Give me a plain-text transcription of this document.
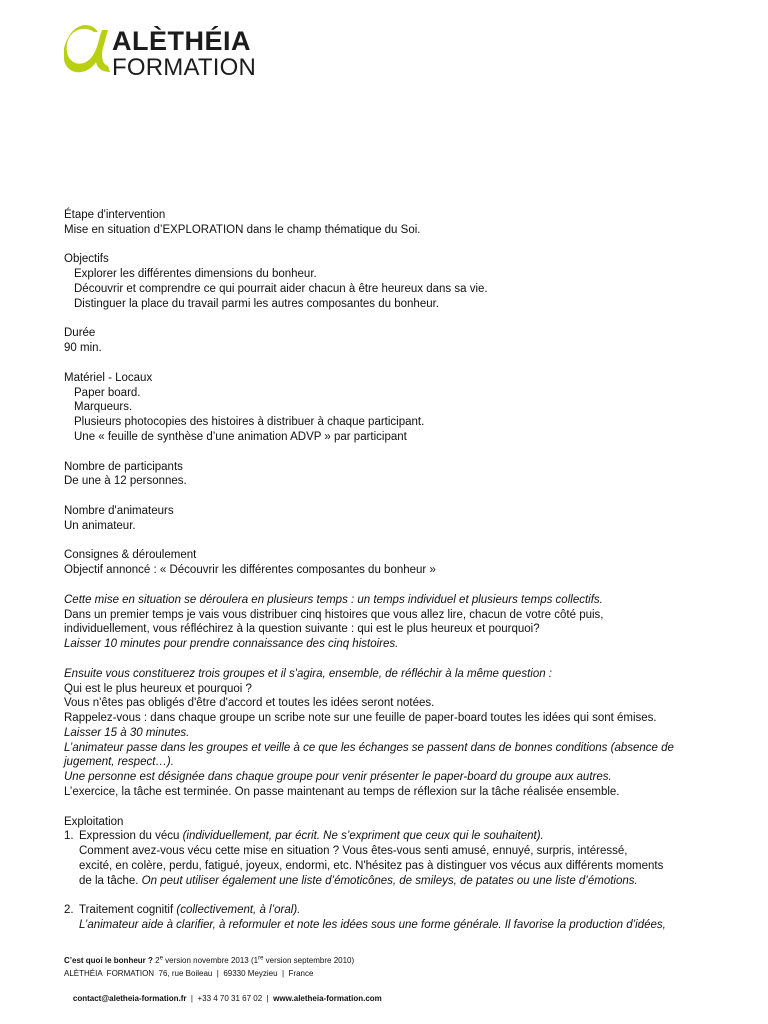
ALÈTHÉIA
FORMATION
Étape d'intervention
Mise en situation d’EXPLORATION dans le champ thématique du Soi.
Objectifs
Explorer les différentes dimensions du bonheur.
Découvrir et comprendre ce qui pourrait aider chacun à être heureux dans sa vie.
Distinguer la place du travail parmi les autres composantes du bonheur.
Durée
90 min.
Matériel - Locaux
Paper board.
Marqueurs.
Plusieurs photocopies des histoires à distribuer à chaque participant.
Une « feuille de synthèse d’une animation ADVP » par participant
Nombre de participants
De une à 12 personnes.
Nombre d'animateurs
Un animateur.
Consignes & déroulement
Objectif annoncé : « Découvrir les différentes composantes du bonheur »
Cette mise en situation se déroulera en plusieurs temps : un temps individuel et plusieurs temps collectifs.
Dans un premier temps je vais vous distribuer cinq histoires que vous allez lire, chacun de votre côté puis,
individuellement, vous réfléchirez à la question suivante : qui est le plus heureux et pourquoi?
Laisser 10 minutes pour prendre connaissance des cinq histoires.
Ensuite vous constituerez trois groupes et il s'agira, ensemble, de réfléchir à la même question :
Qui est le plus heureux et pourquoi ?
Vous n'êtes pas obligés d'être d'accord et toutes les idées seront notées.
Rappelez-vous : dans chaque groupe un scribe note sur une feuille de paper-board toutes les idées qui sont émises.
Laisser 15 à 30 minutes.
L’animateur passe dans les groupes et veille à ce que les échanges se passent dans de bonnes conditions (absence de
jugement, respect…).
Une personne est désignée dans chaque groupe pour venir présenter le paper-board du groupe aux autres.
L’exercice, la tâche est terminée. On passe maintenant au temps de réflexion sur la tâche réalisée ensemble.
Exploitation
1. Expression du vécu (individuellement, par écrit. Ne s’expriment que ceux qui le souhaitent).
Comment avez-vous vécu cette mise en situation ? Vous êtes-vous senti amusé, ennuyé, surpris, intéressé,
excité, en colère, perdu, fatigué, joyeux, endormi, etc. N'hésitez pas à distinguer vos vécus aux différents moments
de la tâche. On peut utiliser également une liste d’émoticônes, de smileys, de patates ou une liste d’émotions.
2. Traitement cognitif (collectivement, à l’oral).
L’animateur aide à clarifier, à reformuler et note les idées sous une forme générale. Il favorise la production d’idées,
C’est quoi le bonheur ? 2e version novembre 2013 (1re version septembre 2010)
ALÈTHÉIA  FORMATION  76, rue Boileau  |  69330 Meyzieu  |  France

contact@aletheia-formation.fr  |  +33 4 70 31 67 02  |  www.aletheia-formation.com
